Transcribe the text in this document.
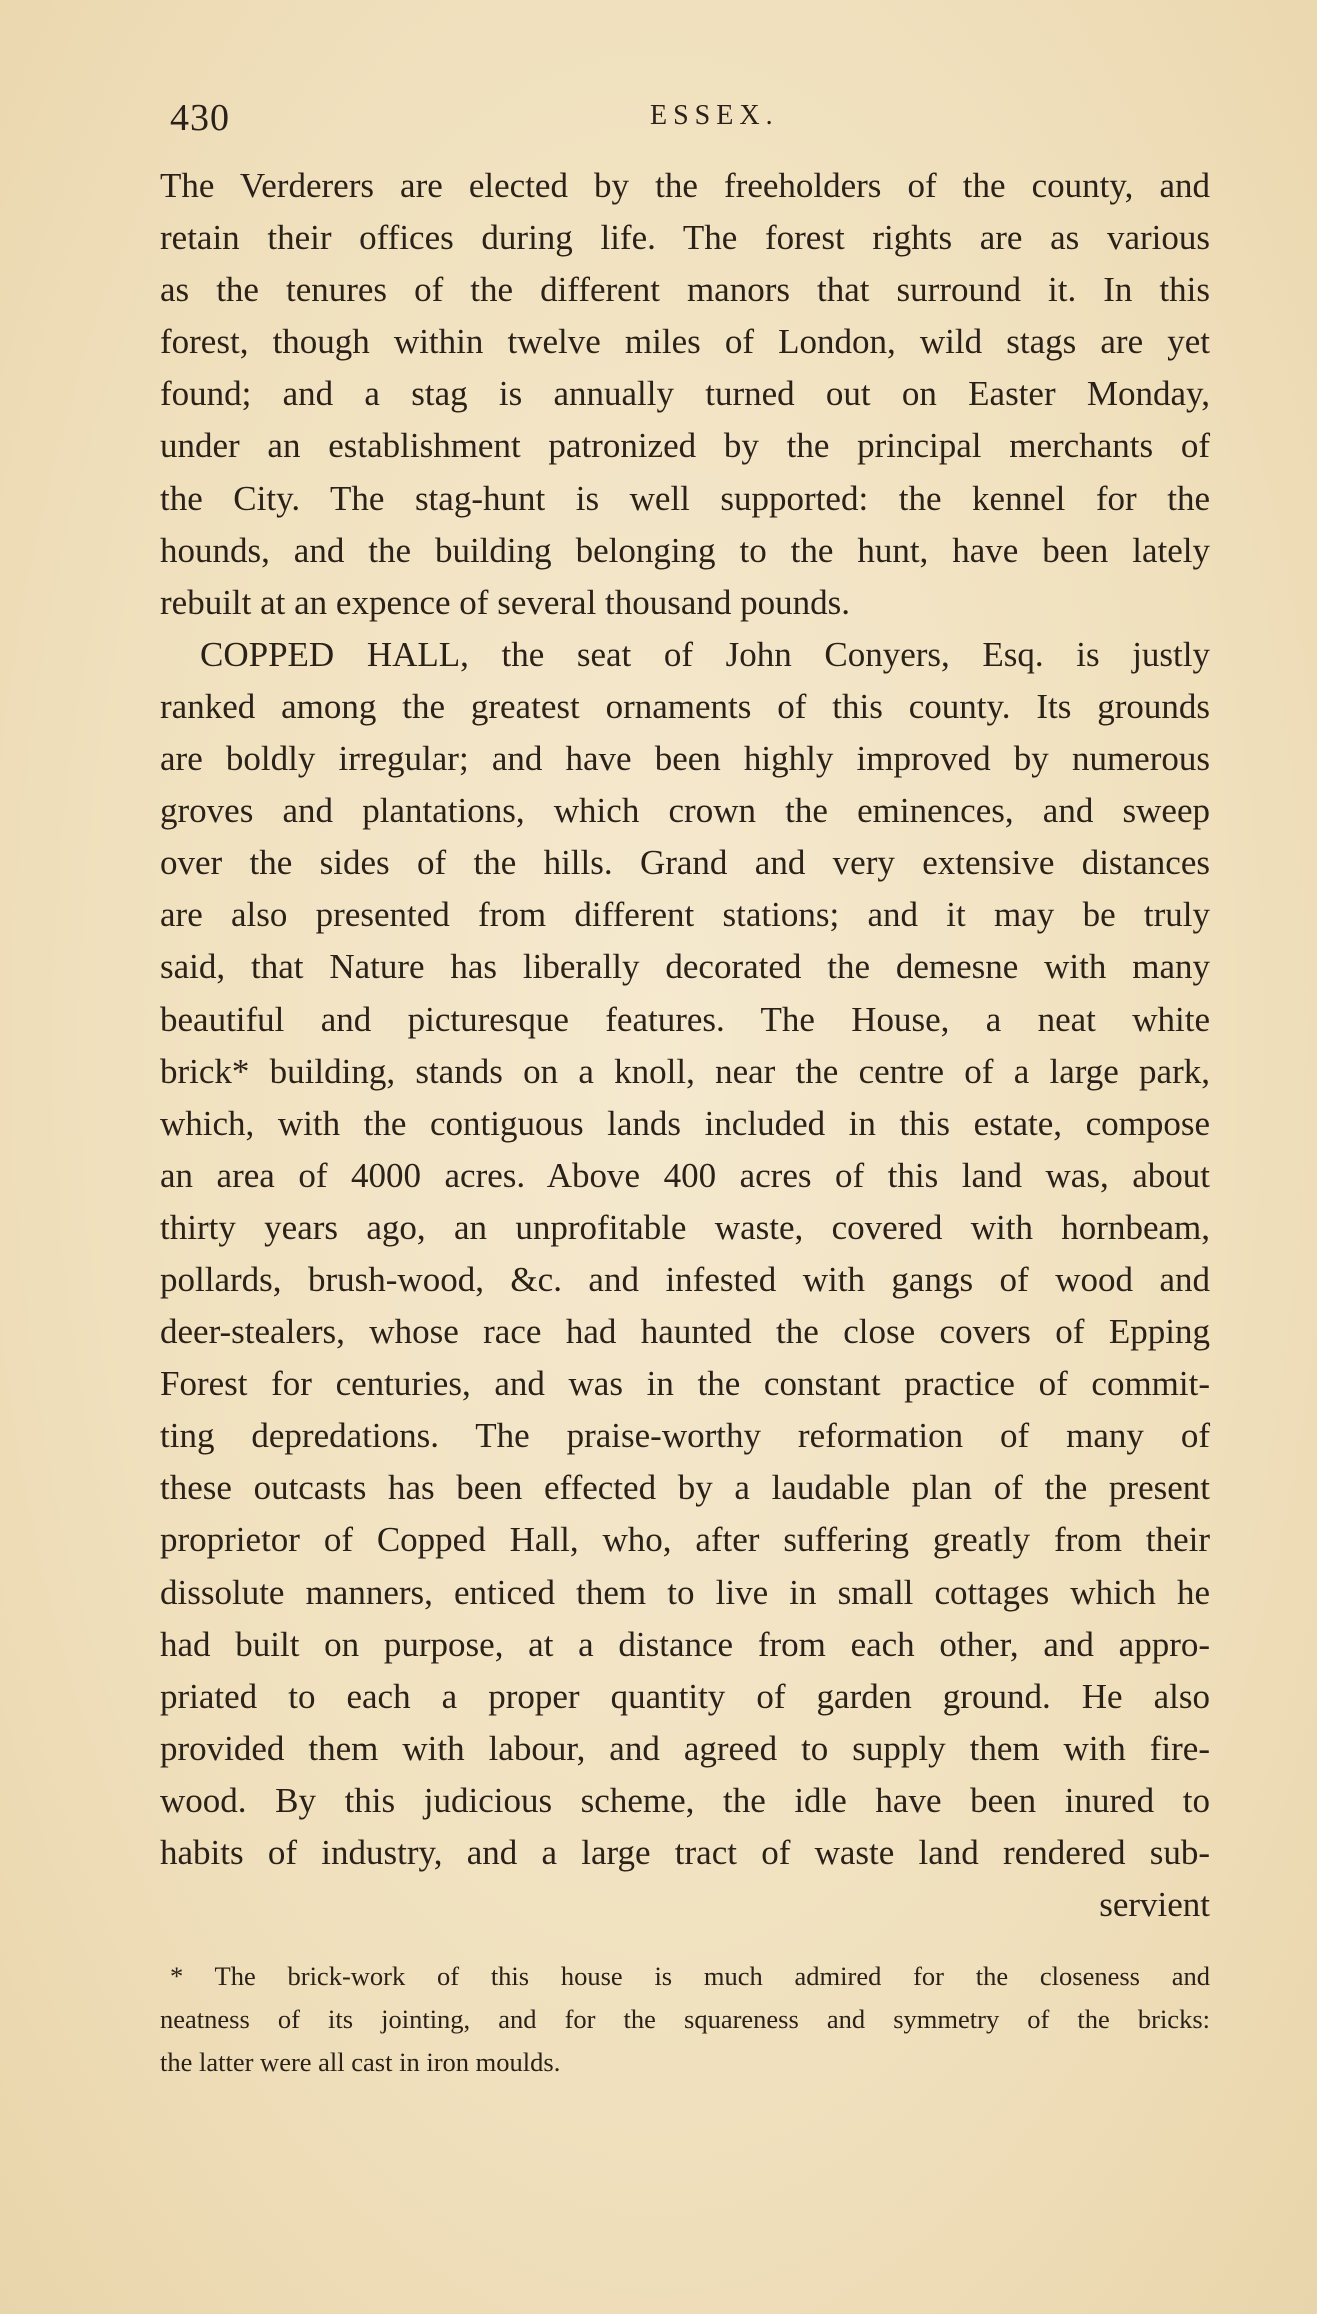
430	ESSEX.
The Verderers are elected by the freeholders of the county, and
retain their offices during life. The forest rights are as various
as the tenures of the different manors that surround it. In this
forest, though within twelve miles of London, wild stags are yet
found; and a stag is annually turned out on Easter Monday,
under an establishment patronized by the principal merchants of
the City. The stag-hunt is well supported: the kennel for the
hounds, and the building belonging to the hunt, have been lately
rebuilt at an expence of several thousand pounds.
COPPED HALL, the seat of John Conyers, Esq. is justly
ranked among the greatest ornaments of this county. Its grounds
are boldly irregular; and have been highly improved by numerous
groves and plantations, which crown the eminences, and sweep
over the sides of the hills. Grand and very extensive distances
are also presented from different stations; and it may be truly
said, that Nature has liberally decorated the demesne with many
beautiful and picturesque features. The House, a neat white
brick* building, stands on a knoll, near the centre of a large park,
which, with the contiguous lands included in this estate, compose
an area of 4000 acres. Above 400 acres of this land was, about
thirty years ago, an unprofitable waste, covered with hornbeam,
pollards, brush-wood, &c. and infested with gangs of wood and
deer-stealers, whose race had haunted the close covers of Epping
Forest for centuries, and was in the constant practice of commit-
ting depredations. The praise-worthy reformation of many of
these outcasts has been effected by a laudable plan of the present
proprietor of Copped Hall, who, after suffering greatly from their
dissolute manners, enticed them to live in small cottages which he
had built on purpose, at a distance from each other, and appro-
priated to each a proper quantity of garden ground. He also
provided them with labour, and agreed to supply them with fire-
wood. By this judicious scheme, the idle have been inured to
habits of industry, and a large tract of waste land rendered sub-
servient
* The brick-work of this house is much admired for the closeness and
neatness of its jointing, and for the squareness and symmetry of the bricks:
the latter were all cast in iron moulds.
